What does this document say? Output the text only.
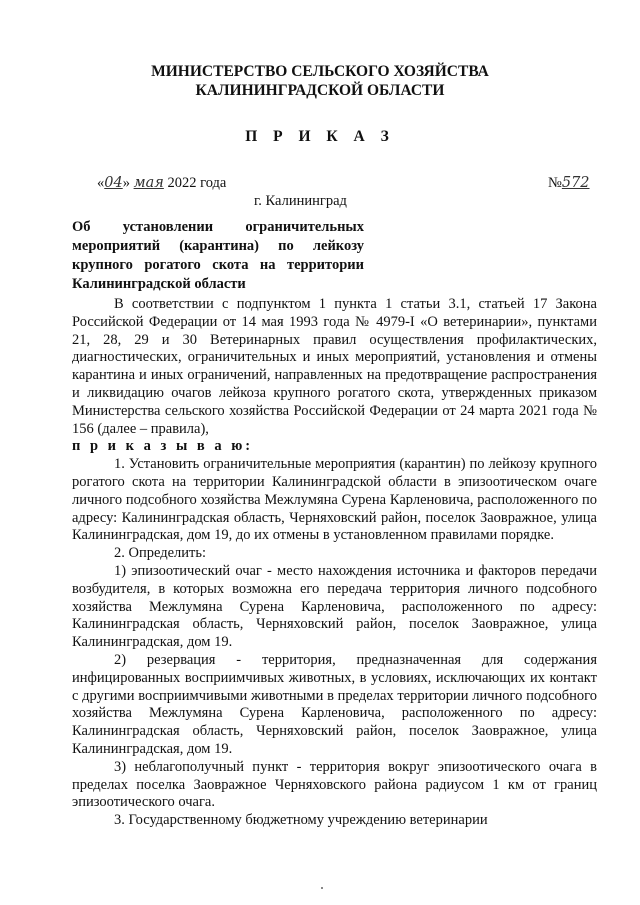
МИНИСТЕРСТВО СЕЛЬСКОГО ХОЗЯЙСТВА
КАЛИНИНГРАДСКОЙ ОБЛАСТИ
П Р И К А З
«04» мая 2022 года	№572
г. Калининград
Об установлении ограничительных мероприятий (карантина) по лейкозу крупного рогатого скота на территории Калининградской области

В соответствии с подпунктом 1 пункта 1 статьи 3.1, статьей 17 Закона Российской Федерации от 14 мая 1993 года № 4979-I «О ветеринарии», пунктами 21, 28, 29 и 30 Ветеринарных правил осуществления профилактических, диагностических, ограничительных и иных мероприятий, установления и отмены карантина и иных ограничений, направленных на предотвращение распространения и ликвидацию очагов лейкоза крупного рогатого скота, утвержденных приказом Министерства сельского хозяйства Российской Федерации от 24 марта 2021 года № 156 (далее – правила),

п р и к а з ы в а ю:

1. Установить ограничительные мероприятия (карантин) по лейкозу крупного рогатого скота на территории Калининградской области в эпизоотическом очаге личного подсобного хозяйства Межлумяна Сурена Карленовича, расположенного по адресу: Калининградская область, Черняховский район, поселок Заовражное, улица Калининградская, дом 19, до их отмены в установленном правилами порядке.

2. Определить:

1) эпизоотический очаг - место нахождения источника и факторов передачи возбудителя, в которых возможна его передача территория личного подсобного хозяйства Межлумяна Сурена Карленовича, расположенного по адресу: Калининградская область, Черняховский район, поселок Заовражное, улица Калининградская, дом 19.

2) резервация - территория, предназначенная для содержания инфицированных восприимчивых животных, в условиях, исключающих их контакт с другими восприимчивыми животными в пределах территории личного подсобного хозяйства Межлумяна Сурена Карленовича, расположенного по адресу: Калининградская область, Черняховский район, поселок Заовражное, улица Калининградская, дом 19.

3) неблагополучный пункт - территория вокруг эпизоотического очага в пределах поселка Заовражное Черняховского района радиусом 1 км от границ эпизоотического очага.

3. Государственному бюджетному учреждению ветеринарии
